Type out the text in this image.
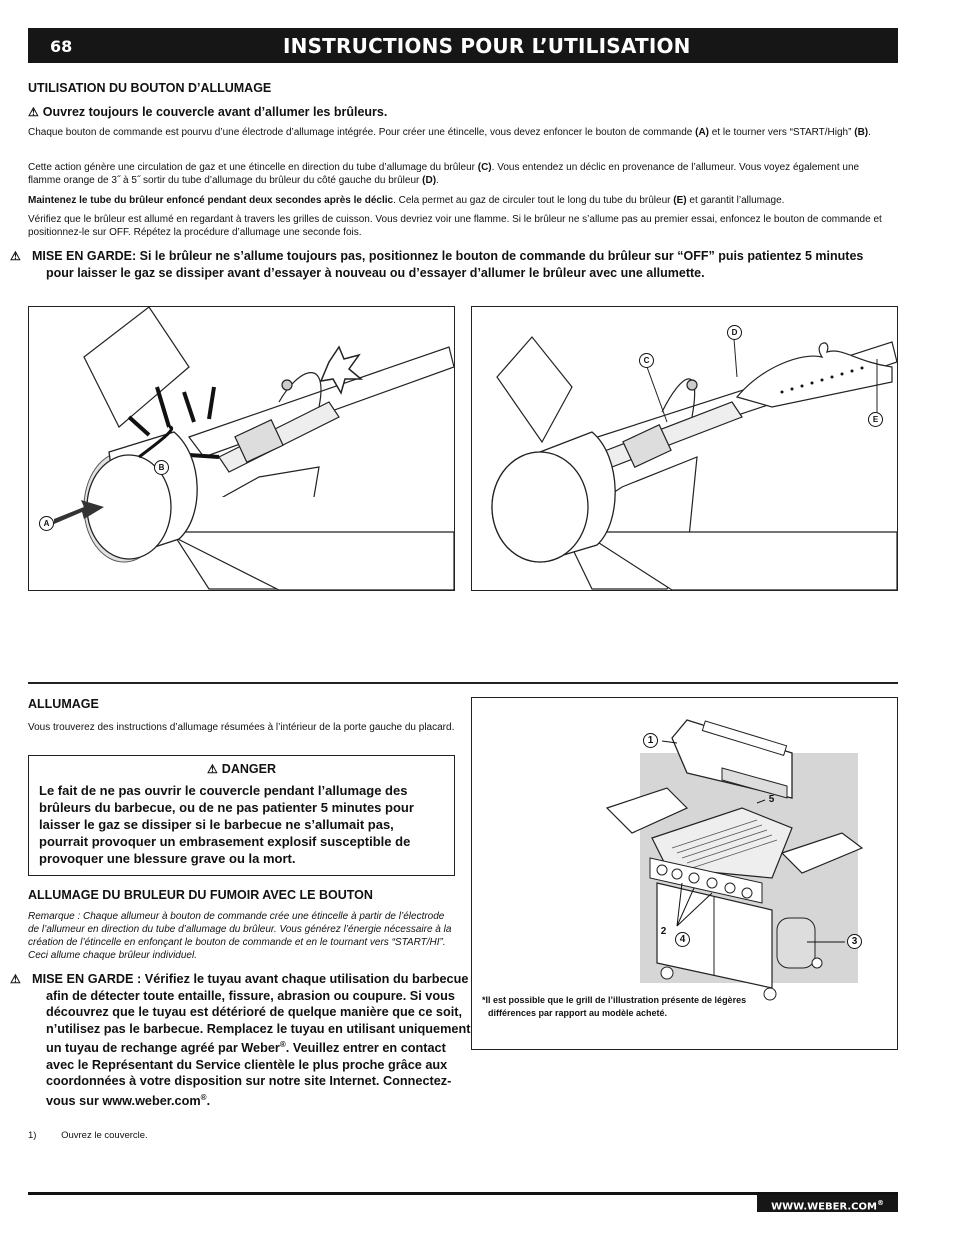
68	INSTRUCTIONS POUR L’UTILISATION
UTILISATION DU BOUTON D’ALLUMAGE
⚠ Ouvrez toujours le couvercle avant d’allumer les brûleurs.
Chaque bouton de commande est pourvu d’une électrode d’allumage intégrée. Pour créer une étincelle, vous devez enfoncer le bouton de commande (A) et le tourner vers “START/High” (B).
Cette action génère une circulation de gaz et une étincelle en direction du tube d’allumage du brûleur (C). Vous entendez un déclic en provenance de l’allumeur. Vous voyez également une flamme orange de 3˝ à 5˝ sortir du tube d’allumage du brûleur du côté gauche du brûleur (D).
Maintenez le tube du brûleur enfoncé pendant deux secondes après le déclic. Cela permet au gaz de circuler tout le long du tube du brûleur (E) et garantit l’allumage.
Vérifiez que le brûleur est allumé en regardant à travers les grilles de cuisson. Vous devriez voir une flamme. Si le brûleur ne s’allume pas au premier essai, enfoncez le bouton de commande et positionnez-le sur OFF. Répétez la procédure d’allumage une seconde fois.
⚠ MISE EN GARDE: Si le brûleur ne s’allume toujours pas, positionnez le bouton de commande du brûleur sur “OFF” puis patientez 5 minutes pour laisser le gaz se dissiper avant d’essayer à nouveau ou d’essayer d’allumer le brûleur avec une allumette.
B
A
C
D
E
ALLUMAGE
Vous trouverez des instructions d’allumage résumées à l’intérieur de la porte gauche du placard.
⚠ DANGER
Le fait de ne pas ouvrir le couvercle pendant l’allumage des brûleurs du barbecue, ou de ne pas patienter 5 minutes pour laisser le gaz se dissiper si le barbecue ne s’allumait pas, pourrait provoquer un embrasement explosif susceptible de provoquer une blessure grave ou la mort.
ALLUMAGE DU BRULEUR DU FUMOIR AVEC LE BOUTON
Remarque : Chaque allumeur à bouton de commande crée une étincelle à partir de l’électrode de l’allumeur en direction du tube d’allumage du brûleur. Vous générez l’énergie nécessaire à la création de l’étincelle en enfonçant le bouton de commande et en le tournant vers “START/HI”. Ceci allume chaque brûleur individuel.
⚠ MISE EN GARDE : Vérifiez le tuyau avant chaque utilisation du barbecue afin de détecter toute entaille, fissure, abrasion ou coupure. Si vous découvrez que le tuyau est détérioré de quelque manière que ce soit, n’utilisez pas le barbecue. Remplacez le tuyau en utilisant uniquement un tuyau de rechange agréé par Weber®. Veuillez entrer en contact avec le Représentant du Service clientèle le plus proche grâce aux coordonnées à votre disposition sur notre site Internet. Connectez-vous sur www.weber.com®.
1)	Ouvrez le couvercle.
1
5
2
4	3
*Il est possible que le grill de l’illustration présente de légères différences par rapport au modèle acheté.
WWW.WEBER.COM®
